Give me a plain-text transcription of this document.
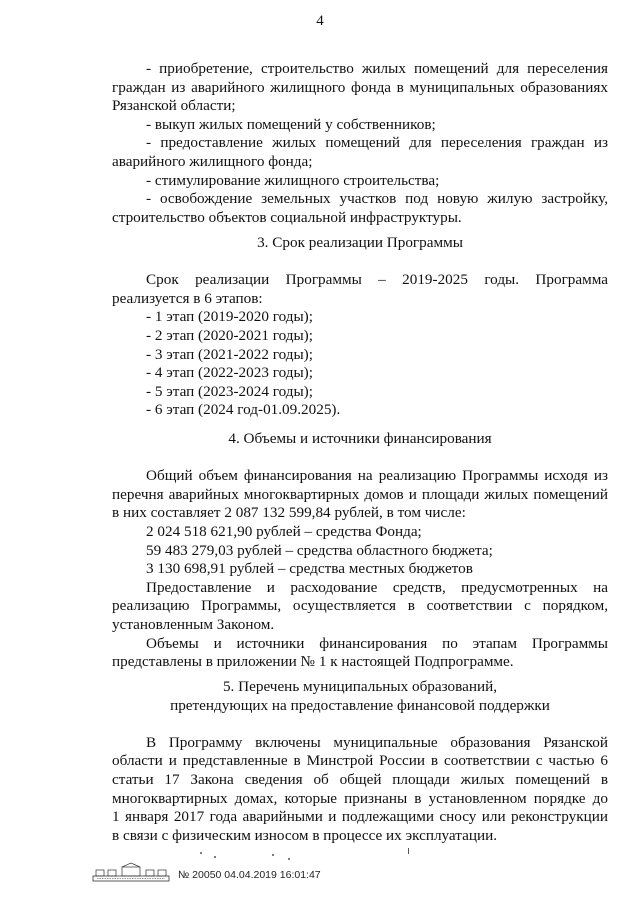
4
- приобретение, строительство жилых помещений для переселения
граждан из аварийного жилищного фонда в муниципальных образованиях
Рязанской области;
- выкуп жилых помещений у собственников;
- предоставление жилых помещений для переселения граждан из
аварийного жилищного фонда;
- стимулирование жилищного строительства;
- освобождение земельных участков под новую жилую застройку,
строительство объектов социальной инфраструктуры.
3. Срок реализации Программы
Срок реализации Программы – 2019-2025 годы. Программа
реализуется в 6 этапов:
- 1 этап (2019-2020 годы);
- 2 этап (2020-2021 годы);
- 3 этап (2021-2022 годы);
- 4 этап (2022-2023 годы);
- 5 этап (2023-2024 годы);
- 6 этап (2024 год-01.09.2025).
4. Объемы и источники финансирования
Общий объем финансирования на реализацию Программы исходя из
перечня аварийных многоквартирных домов и площади жилых помещений
в них составляет 2 087 132 599,84 рублей, в том числе:
2 024 518 621,90 рублей – средства Фонда;
59 483 279,03 рублей – средства областного бюджета;
3 130 698,91 рублей – средства местных бюджетов
Предоставление и расходование средств, предусмотренных на
реализацию Программы, осуществляется в соответствии с порядком,
установленным Законом.
Объемы и источники финансирования по этапам Программы
представлены в приложении № 1 к настоящей Подпрограмме.
5. Перечень муниципальных образований,
претендующих на предоставление финансовой поддержки
В Программу включены муниципальные образования Рязанской
области и представленные в Минстрой России в соответствии с частью 6
статьи 17 Закона сведения об общей площади жилых помещений в
многоквартирных домах, которые признаны в установленном порядке до
1 января 2017 года аварийными и подлежащими сносу или реконструкции
в связи с физическим износом в процессе их эксплуатации.
№ 20050 04.04.2019 16:01:47
